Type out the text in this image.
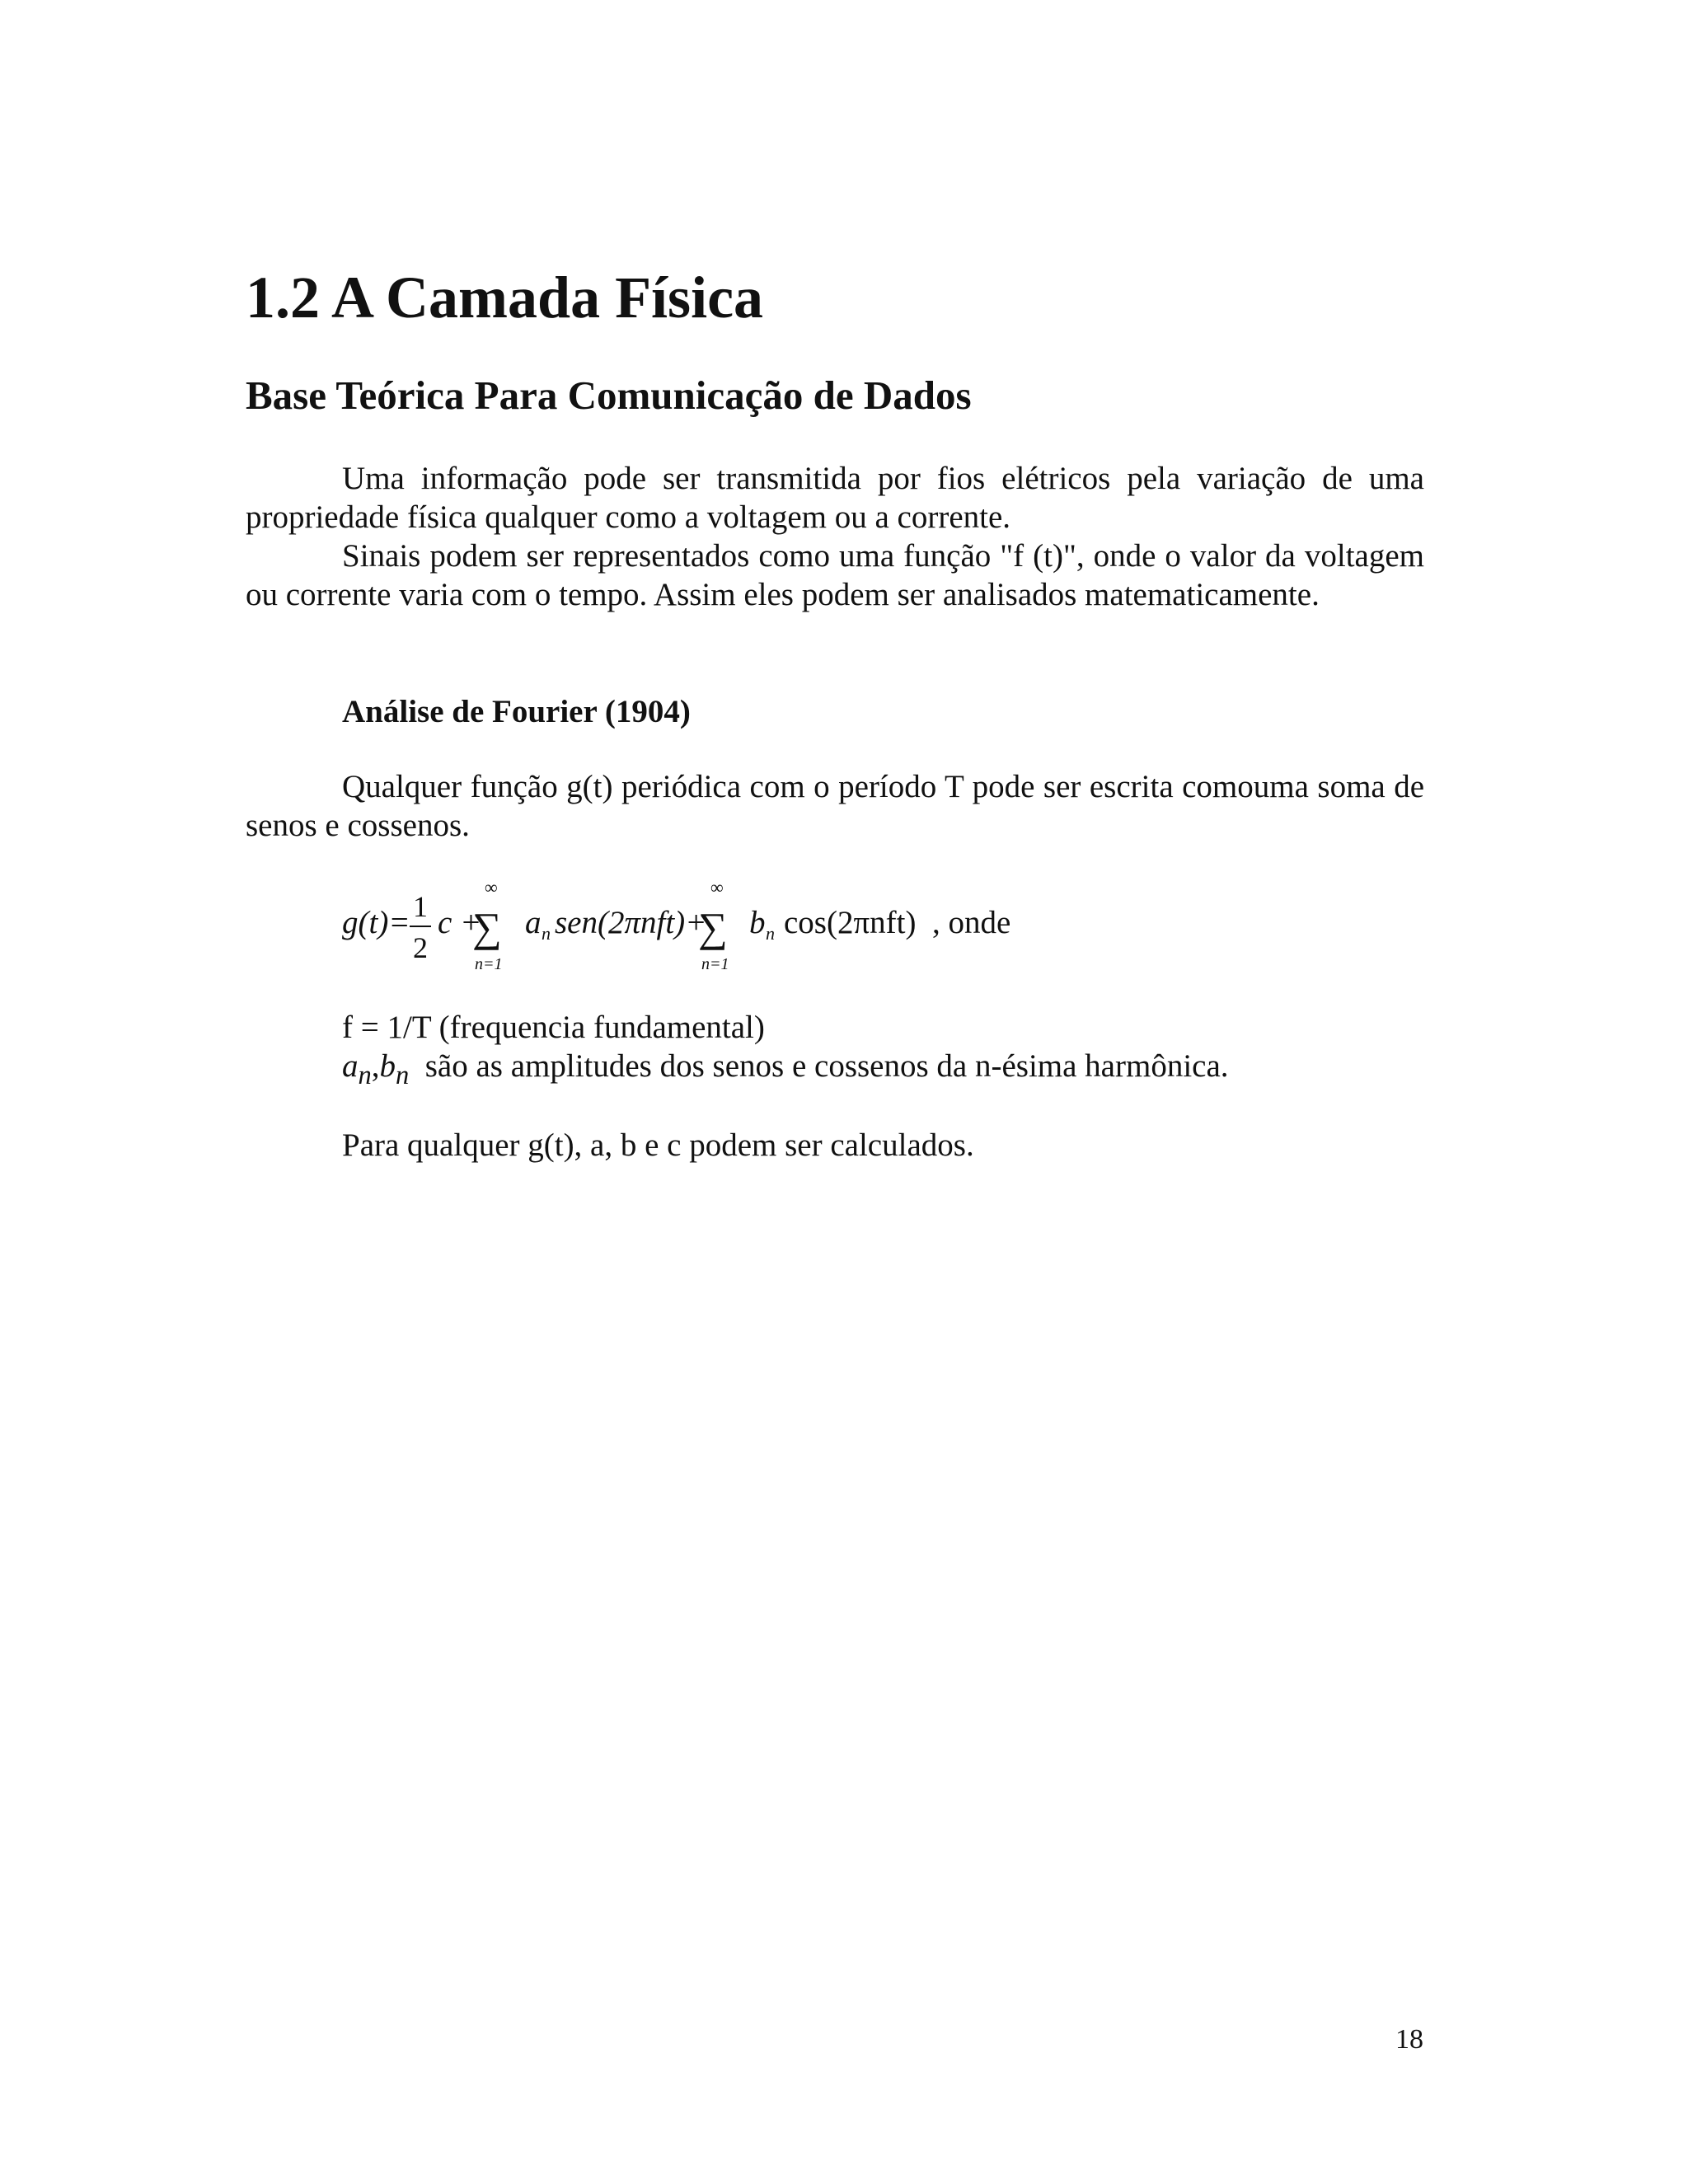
1.2 A Camada Física
Base Teórica Para Comunicação de Dados

Uma informação pode ser transmitida por fios elétricos pela variação de uma propriedade física qualquer como a voltagem ou a corrente.

Sinais podem ser representados como uma função "f (t)", onde o valor da voltagem ou corrente varia com o tempo. Assim eles podem ser analisados matematicamente.

Análise de Fourier (1904)

Qualquer função g(t) periódica com o período T pode ser escrita comouma soma de senos e cossenos.

g(t)= 1
2
c +
∞
∑
n=1
a n sen(2πnft)+
∞
∑
n=1
b n cos(2πnft) , onde
f = 1/T (frequencia fundamental)
$a_n,b_n$ são as amplitudes dos senos e cossenos da n-ésima harmônica.
Para qualquer g(t), a, b e c podem ser calculados.
18
